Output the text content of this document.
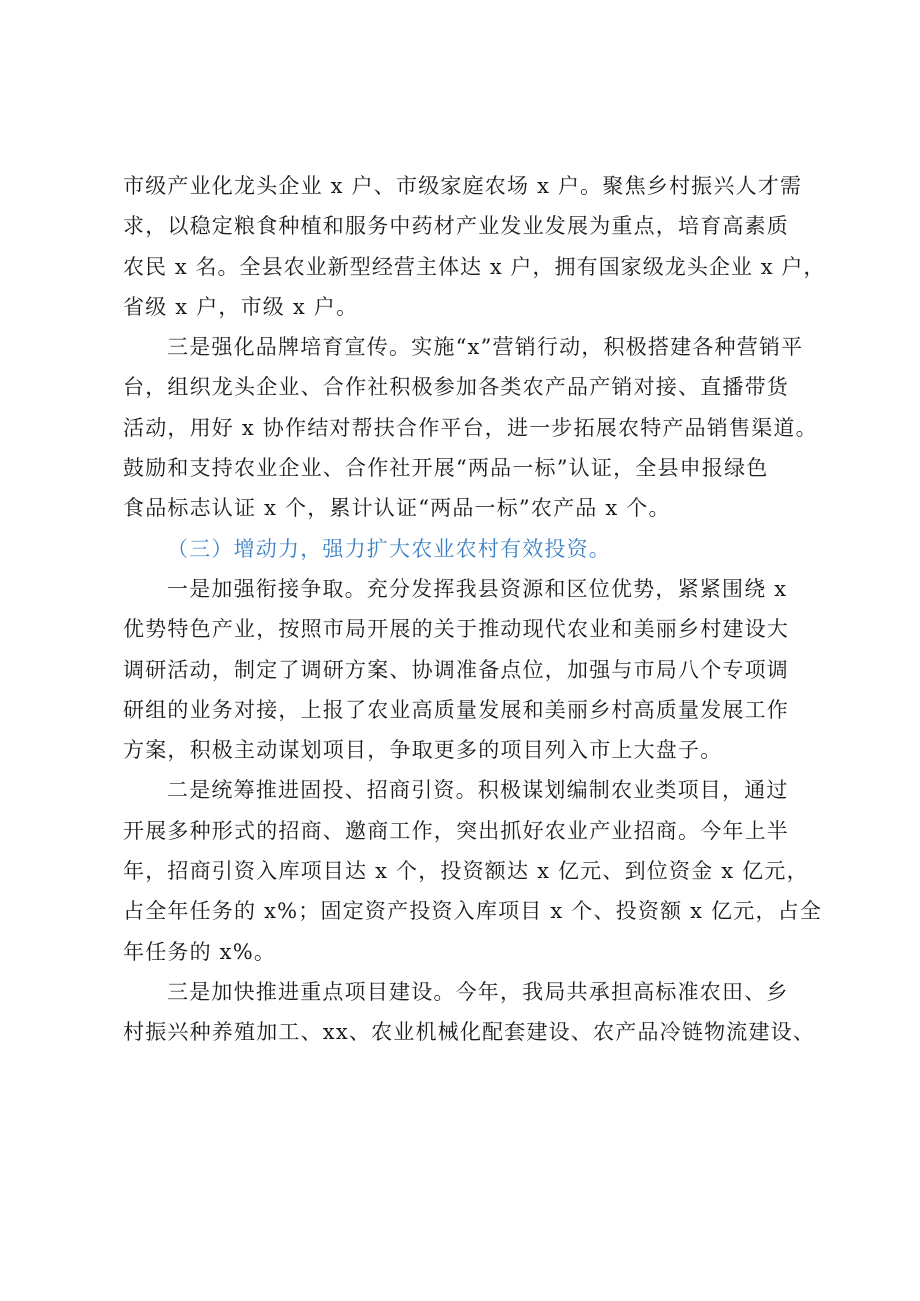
市级产业化龙头企业 x 户、市级家庭农场 x 户。聚焦乡村振兴人才需
求，以稳定粮食种植和服务中药材产业发业发展为重点，培育高素质
农民 x 名。全县农业新型经营主体达 x 户，拥有国家级龙头企业 x 户，
省级 x 户，市级 x 户。
三是强化品牌培育宣传。实施“x”营销行动，积极搭建各种营销平
台，组织龙头企业、合作社积极参加各类农产品产销对接、直播带货
活动，用好 x 协作结对帮扶合作平台，进一步拓展农特产品销售渠道。
鼓励和支持农业企业、合作社开展“两品一标”认证，全县申报绿色
食品标志认证 x 个，累计认证“两品一标”农产品 x 个。
（三）增动力，强力扩大农业农村有效投资。
一是加强衔接争取。充分发挥我县资源和区位优势，紧紧围绕 x
优势特色产业，按照市局开展的关于推动现代农业和美丽乡村建设大
调研活动，制定了调研方案、协调准备点位，加强与市局八个专项调
研组的业务对接，上报了农业高质量发展和美丽乡村高质量发展工作
方案，积极主动谋划项目，争取更多的项目列入市上大盘子。
二是统筹推进固投、招商引资。积极谋划编制农业类项目，通过
开展多种形式的招商、邀商工作，突出抓好农业产业招商。今年上半
年，招商引资入库项目达 x 个，投资额达 x 亿元、到位资金 x 亿元，
占全年任务的 x%；固定资产投资入库项目 x 个、投资额 x 亿元，占全
年任务的 x%。
三是加快推进重点项目建设。今年，我局共承担高标准农田、乡
村振兴种养殖加工、xx、农业机械化配套建设、农产品冷链物流建设、
